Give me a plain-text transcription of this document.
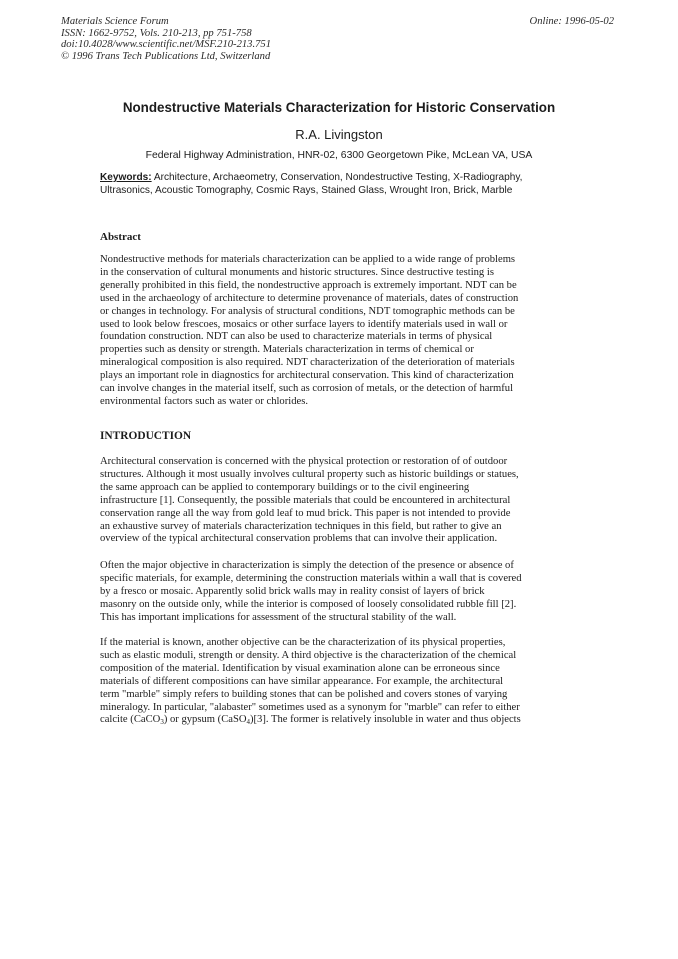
Materials Science Forum
ISSN: 1662-9752, Vols. 210-213, pp 751-758
doi:10.4028/www.scientific.net/MSF.210-213.751
© 1996 Trans Tech Publications Ltd, Switzerland
Online: 1996-05-02
Nondestructive Materials Characterization for Historic Conservation
R.A. Livingston
Federal Highway Administration, HNR-02, 6300 Georgetown Pike, McLean VA, USA
Keywords: Architecture, Archaeometry, Conservation, Nondestructive Testing, X-Radiography,
Ultrasonics, Acoustic Tomography, Cosmic Rays, Stained Glass, Wrought Iron, Brick, Marble
Abstract
Nondestructive methods for materials characterization can be applied to a wide range of problems
in the conservation of cultural monuments and historic structures. Since destructive testing is
generally prohibited in this field, the nondestructive approach is extremely important. NDT can be
used in the archaeology of architecture to determine provenance of materials, dates of construction
or changes in technology. For analysis of structural conditions, NDT tomographic methods can be
used to look below frescoes, mosaics or other surface layers to identify materials used in wall or
foundation construction. NDT can also be used to characterize materials in terms of physical
properties such as density or strength. Materials characterization in terms of chemical or
mineralogical composition is also required. NDT characterization of the deterioration of materials
plays an important role in diagnostics for architectural conservation. This kind of characterization
can involve changes in the material itself, such as corrosion of metals, or the detection of harmful
environmental factors such as water or chlorides.
INTRODUCTION
Architectural conservation is concerned with the physical protection or restoration of of outdoor
structures. Although it most usually involves cultural property such as historic buildings or statues,
the same approach can be applied to contemporary buildings or to the civil engineering
infrastructure [1]. Consequently, the possible materials that could be encountered in architectural
conservation range all the way from gold leaf to mud brick. This paper is not intended to provide
an exhaustive survey of materials characterization techniques in this field, but rather to give an
overview of the typical architectural conservation problems that can involve their application.
Often the major objective in characterization is simply the detection of the presence or absence of
specific materials, for example, determining the construction materials within a wall that is covered
by a fresco or mosaic. Apparently solid brick walls may in reality consist of layers of brick
masonry on the outside only, while the interior is composed of loosely consolidated rubble fill [2].
This has important implications for assessment of the structural stability of the wall.
If the material is known, another objective can be the characterization of its physical properties,
such as elastic moduli, strength or density. A third objective is the characterization of the chemical
composition of the material. Identification by visual examination alone can be erroneous since
materials of different compositions can have similar appearance. For example, the architectural
term "marble" simply refers to building stones that can be polished and covers stones of varying
mineralogy. In particular, "alabaster" sometimes used as a synonym for "marble" can refer to either
calcite (CaCO$_3$) or gypsum (CaSO$_4$)[3]. The former is relatively insoluble in water and thus objects
